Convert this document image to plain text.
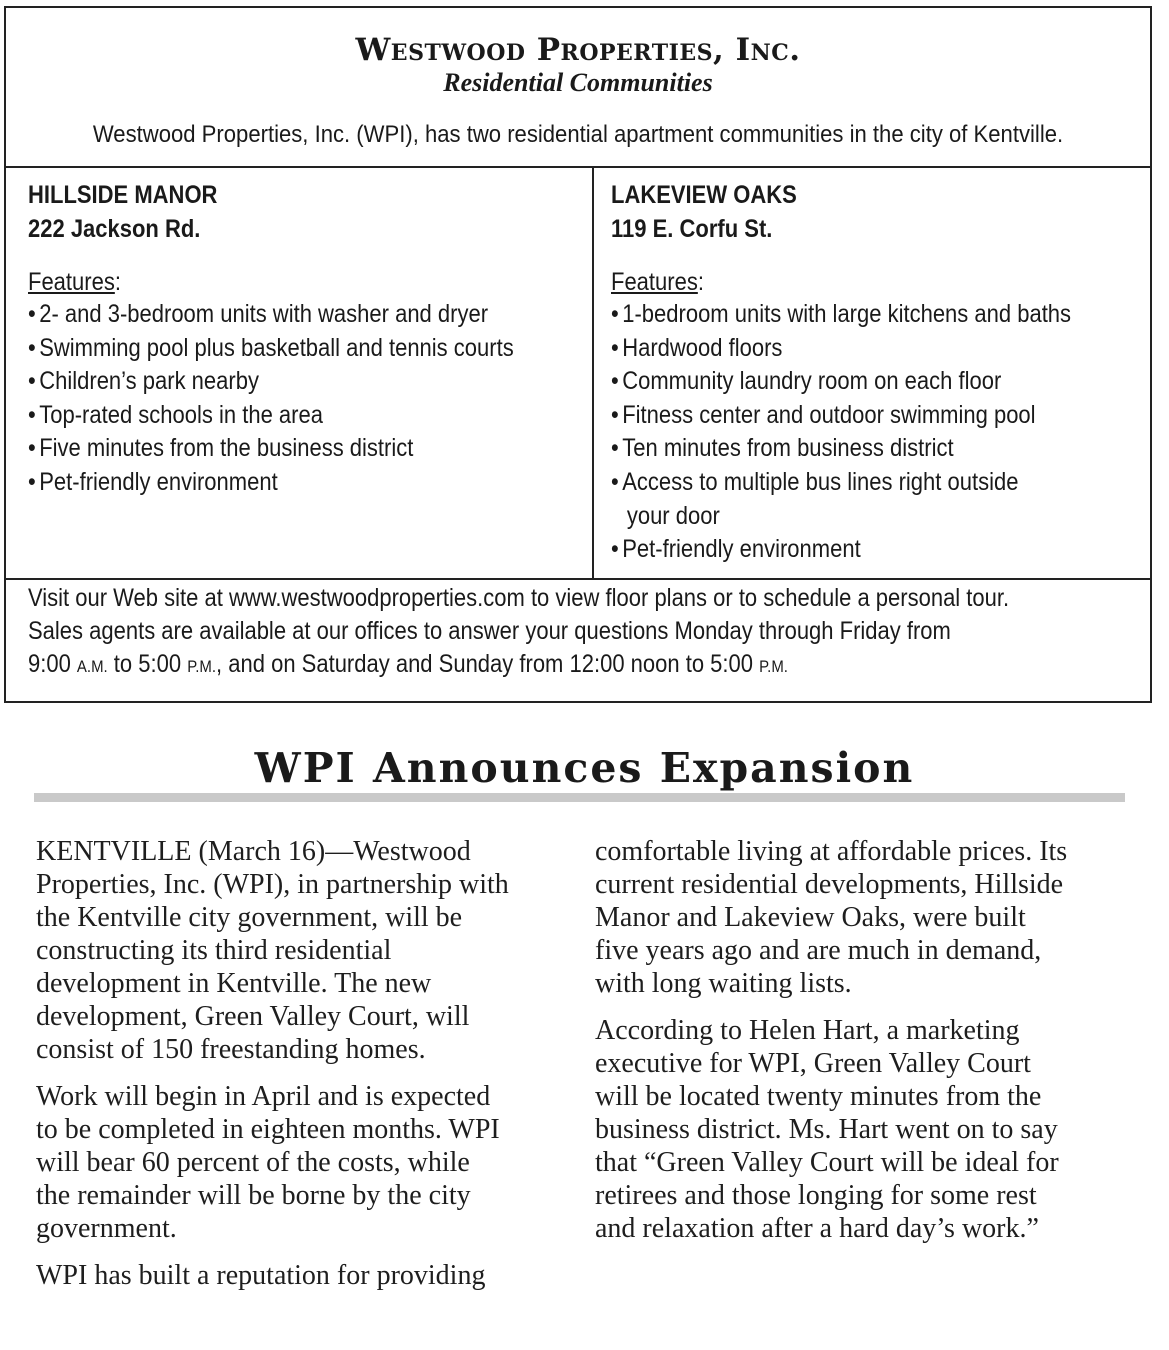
Westwood Properties, Inc.
Residential Communities
Westwood Properties, Inc. (WPI), has two residential apartment communities in the city of Kentville.
HILLSIDE MANOR
222 Jackson Rd.
Features:
• 2- and 3-bedroom units with washer and dryer
• Swimming pool plus basketball and tennis courts
• Children’s park nearby
• Top-rated schools in the area
• Five minutes from the business district
• Pet-friendly environment
LAKEVIEW OAKS
119 E. Corfu St.
Features:
• 1-bedroom units with large kitchens and baths
• Hardwood floors
• Community laundry room on each floor
• Fitness center and outdoor swimming pool
• Ten minutes from business district
• Access to multiple bus lines right outside
your door
• Pet-friendly environment
Visit our Web site at www.westwoodproperties.com to view floor plans or to schedule a personal tour.
Sales agents are available at our offices to answer your questions Monday through Friday from
9:00 A.M. to 5:00 P.M., and on Saturday and Sunday from 12:00 noon to 5:00 P.M.
WPI Announces Expansion

KENTVILLE (March 16)—Westwood
Properties, Inc. (WPI), in partnership with
the Kentville city government, will be
constructing its third residential
development in Kentville. The new
development, Green Valley Court, will
consist of 150 freestanding homes.

Work will begin in April and is expected
to be completed in eighteen months. WPI
will bear 60 percent of the costs, while
the remainder will be borne by the city
government.

WPI has built a reputation for providing

comfortable living at affordable prices. Its
current residential developments, Hillside
Manor and Lakeview Oaks, were built
five years ago and are much in demand,
with long waiting lists.

According to Helen Hart, a marketing
executive for WPI, Green Valley Court
will be located twenty minutes from the
business district. Ms. Hart went on to say
that “Green Valley Court will be ideal for
retirees and those longing for some rest
and relaxation after a hard day’s work.”
